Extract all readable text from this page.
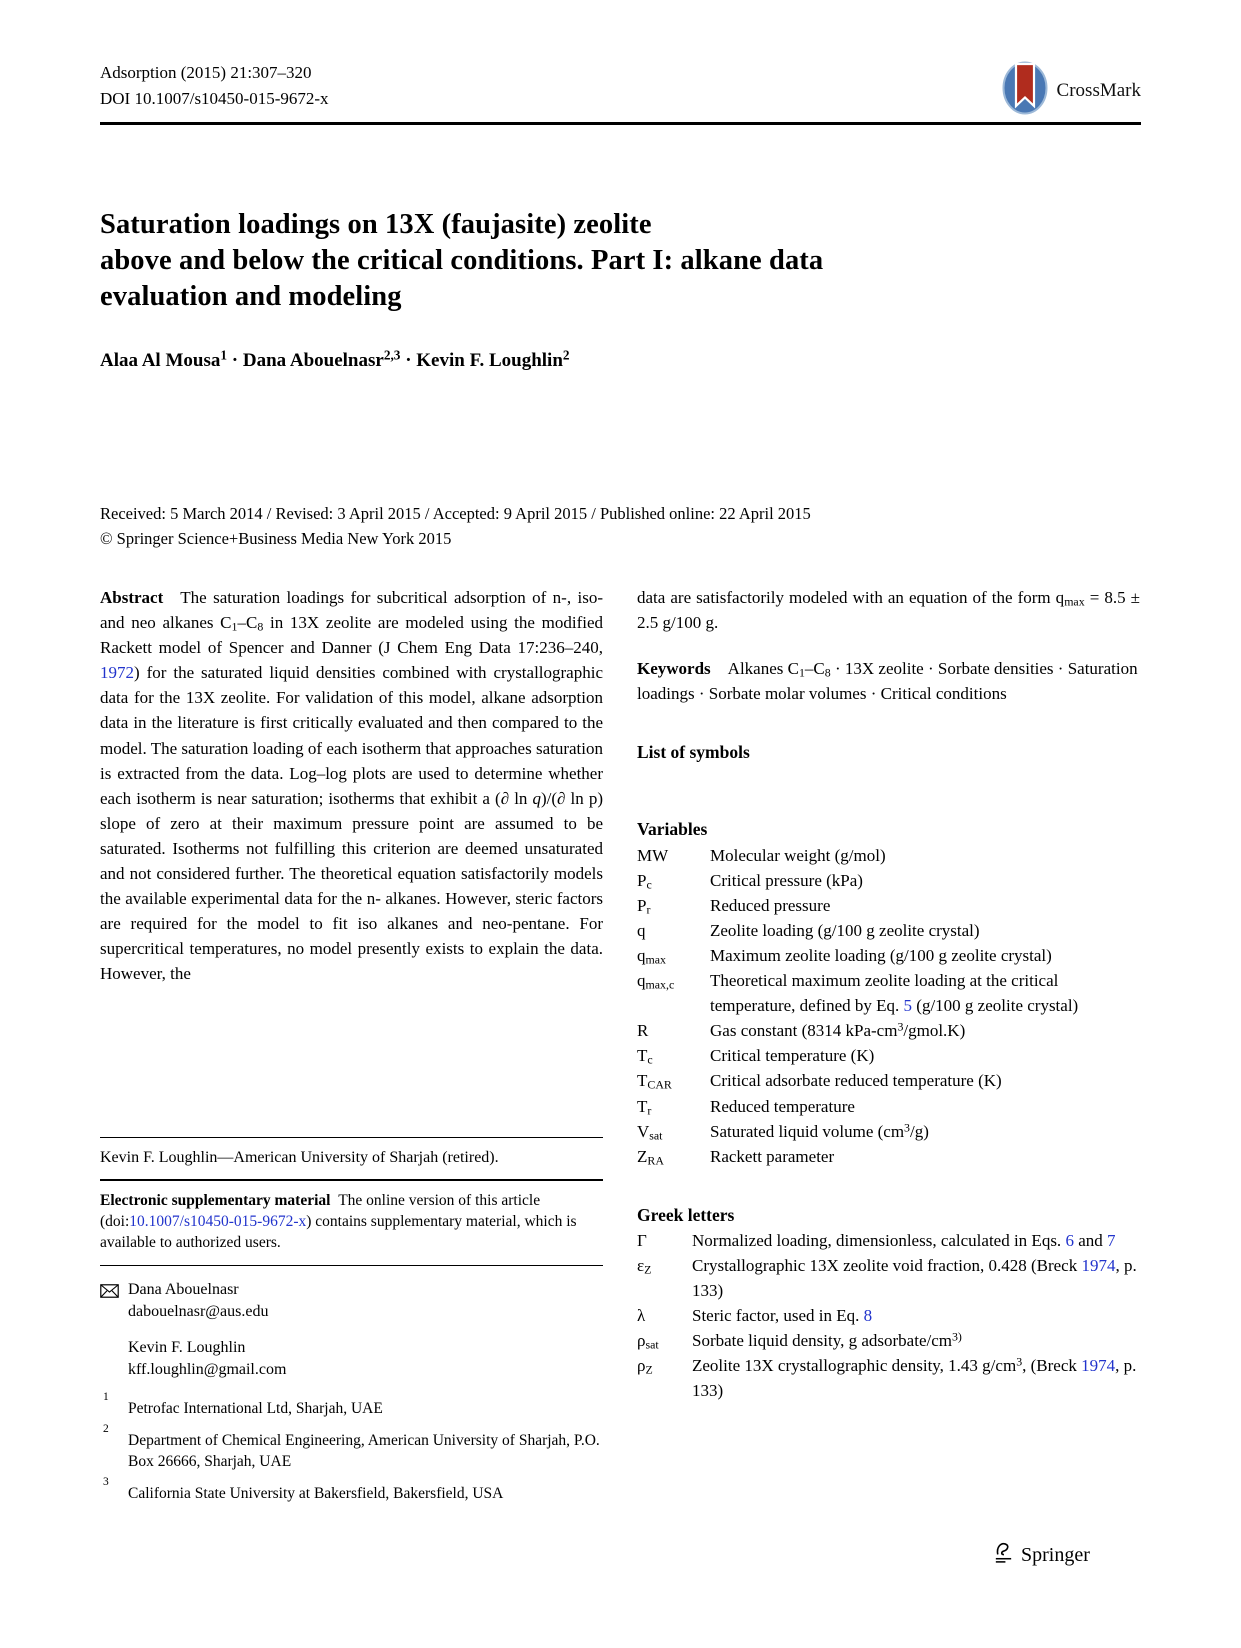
Adsorption (2015) 21:307–320
DOI 10.1007/s10450-015-9672-x	CrossMark
Saturation loadings on 13X (faujasite) zeolite
above and below the critical conditions. Part I: alkane data
evaluation and modeling
Alaa Al Mousa$^1$ · Dana Abouelnasr$^{2,3}$ · Kevin F. Loughlin$^2$
Received: 5 March 2014 / Revised: 3 April 2015 / Accepted: 9 April 2015 / Published online: 22 April 2015
© Springer Science+Business Media New York 2015

Abstract The saturation loadings for subcritical adsorption of n-, iso- and neo alkanes $C_1-C_8$ in 13X zeolite are modeled using the modified Rackett model of Spencer and Danner (J Chem Eng Data 17:236–240, 1972) for the saturated liquid densities combined with crystallographic data for the 13X zeolite. For validation of this model, alkane adsorption data in the literature is first critically evaluated and then compared to the model. The saturation loading of each isotherm that approaches saturation is extracted from the data. Log–log plots are used to determine whether each isotherm is near saturation; isotherms that exhibit a (∂ ln q)/(∂ ln p) slope of zero at their maximum pressure point are assumed to be saturated. Isotherms not fulfilling this criterion are deemed unsaturated and not considered further. The theoretical equation satisfactorily models the available experimental data for the n- alkanes. However, steric factors are required for the model to fit iso alkanes and neo-pentane. For supercritical temperatures, no model presently exists to explain the data. However, the

Kevin F. Loughlin—American University of Sharjah (retired).

Electronic supplementary material The online version of this article (doi:10.1007/s10450-015-9672-x) contains supplementary material, which is available to authorized users.

Dana Abouelnasr
dabouelnasr@aus.edu
Kevin F. Loughlin
kff.loughlin@gmail.com
1
Petrofac International Ltd, Sharjah, UAE
2
Department of Chemical Engineering, American University of Sharjah, P.O. Box 26666, Sharjah, UAE
3
California State University at Bakersfield, Bakersfield, USA

data are satisfactorily modeled with an equation of the form $q_{max} = 8.5 \pm 2.5$ g/100 g.

Keywords Alkanes $C_1-C_8 \cdot 13X$ zeolite · Sorbate densities · Saturation loadings · Sorbate molar volumes · Critical conditions

List of symbols
Variables
MW	Molecular weight (g/mol)
$P_c$	Critical pressure (kPa)
$P_r$	Reduced pressure
q	Zeolite loading (g/100 g zeolite crystal)
$q_{max}$	Maximum zeolite loading (g/100 g zeolite crystal)
$q_{max,c}$	Theoretical maximum zeolite loading at the critical temperature, defined by Eq. 5 (g/100 g zeolite crystal)
R	Gas constant (8314 kPa-$cm^3/gmol.K$)
$T_c$	Critical temperature (K)
$T_{CAR}$	Critical adsorbate reduced temperature (K)
$T_r$	Reduced temperature
$V_{sat}$	Saturated liquid volume $(cm^3/g)$
$Z_{RA}$	Rackett parameter
Greek letters
Γ	Normalized loading, dimensionless, calculated in Eqs. 6 and 7
$\varepsilon_Z$	Crystallographic 13X zeolite void fraction, 0.428 (Breck 1974, p. 133)
λ	Steric factor, used in Eq. 8
$\rho_{sat}$	Sorbate liquid density, g adsorbate/$cm^{3)}$
$\rho_Z$	Zeolite 13X crystallographic density, 1.43 $g/cm^3$, (Breck 1974, p. 133)
Springer
